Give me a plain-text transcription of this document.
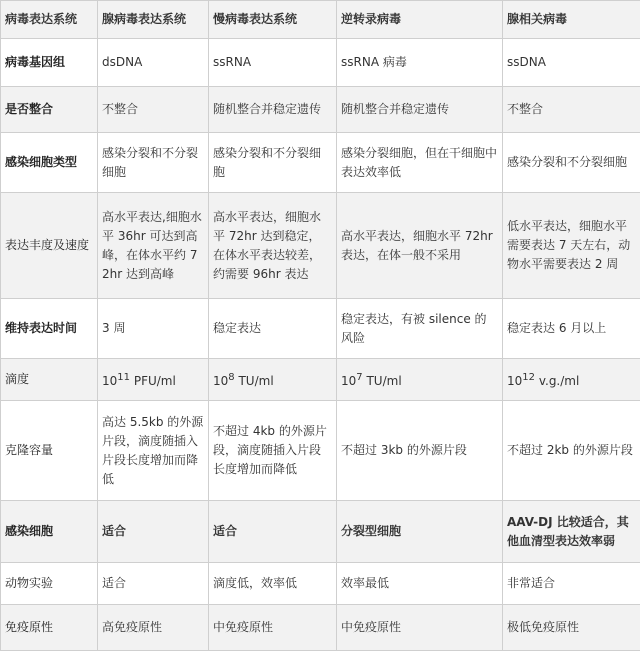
病毒表达系统	腺病毒表达系统	慢病毒表达系统	逆转录病毒	腺相关病毒
病毒基因组	dsDNA	ssRNA	ssRNA 病毒	ssDNA
是否整合	不整合	随机整合并稳定遗传	随机整合并稳定遗传	不整合
感染细胞类型	感染分裂和不分裂细胞	感染分裂和不分裂细胞	感染分裂细胞，但在干细胞中表达效率低	感染分裂和不分裂细胞
表达丰度及速度	高水平表达,细胞水平 36hr 可达到高峰，在体水平约 72hr 达到高峰	高水平表达，细胞水平 72hr 达到稳定，在体水平表达较差，约需要 96hr 表达	高水平表达，细胞水平 72hr 表达，在体一般不采用	低水平表达，细胞水平需要表达 7 天左右，动物水平需要表达 2 周
维持表达时间	3 周	稳定表达	稳定表达，有被 silence 的风险	稳定表达 6 月以上
滴度	$10^{11}$ PFU/ml	$10^8$ TU/ml	$10^7$ TU/ml	$10^{12}$ v.g./ml
克隆容量	高达 5.5kb 的外源片段，滴度随插入片段长度增加而降低	不超过 4kb 的外源片段，滴度随插入片段长度增加而降低	不超过 3kb 的外源片段	不超过 2kb 的外源片段
感染细胞	适合	适合	分裂型细胞	AAV-DJ 比较适合，其他血清型表达效率弱
动物实验	适合	滴度低，效率低	效率最低	非常适合
免疫原性	高免疫原性	中免疫原性	中免疫原性	极低免疫原性
